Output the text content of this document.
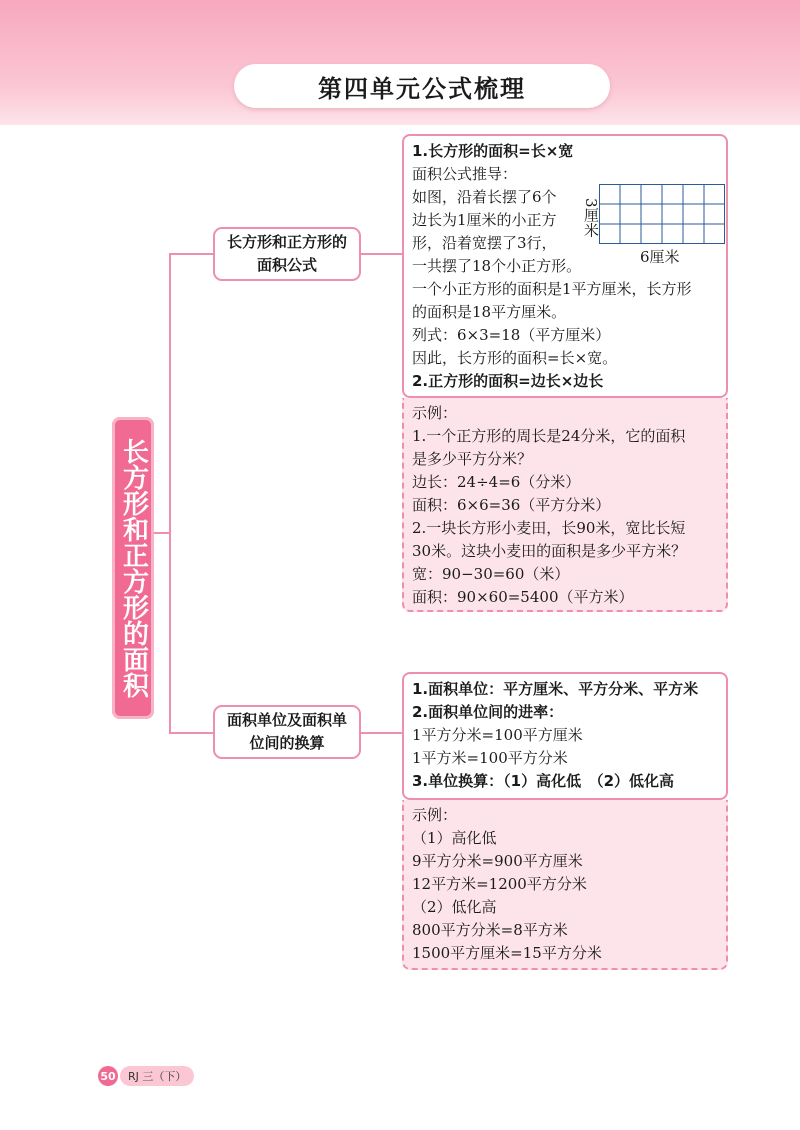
第四单元公式梳理
长方形和正方形的面积
长方形和正方形的面积公式
面积单位及面积单位间的换算

1.长方形的面积=长×宽

面积公式推导：

如图，沿着长摆了6个

边长为1厘米的小正方

形，沿着宽摆了3行，

一共摆了18个小正方形。

一个小正方形的面积是1平方厘米，长方形

的面积是18平方厘米。

列式：6×3=18（平方厘米）

因此，长方形的面积=长×宽。

2.正方形的面积=边长×边长

3厘米
6厘米

示例：

1.一个正方形的周长是24分米，它的面积

是多少平方分米？

边长：24÷4=6（分米）

面积：6×6=36（平方分米）

2.一块长方形小麦田，长90米，宽比长短

30米。这块小麦田的面积是多少平方米？

宽：90−30=60（米）

面积：90×60=5400（平方米）

1.面积单位：平方厘米、平方分米、平方米

2.面积单位间的进率：

1平方分米=100平方厘米

1平方米=100平方分米

3.单位换算：（1）高化低　（2）低化高

示例：

（1）高化低

9平方分米=900平方厘米

12平方米=1200平方分米

（2）低化高

800平方分米=8平方米

1500平方厘米=15平方分米

50	RJ 三（下）
